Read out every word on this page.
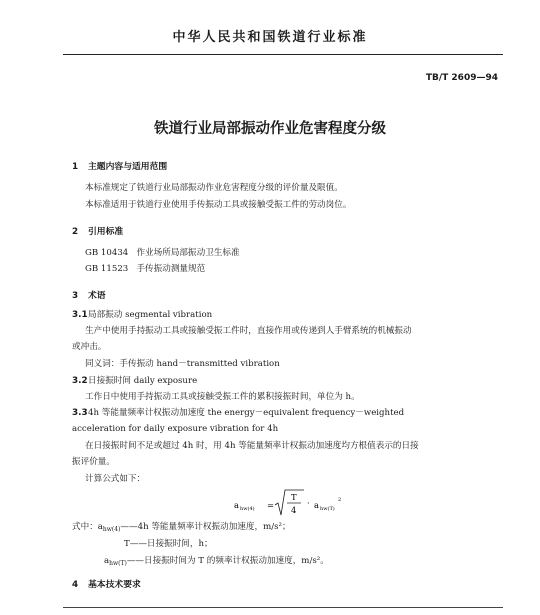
中华人民共和国铁道行业标准
TB/T 2609—94
铁道行业局部振动作业危害程度分级
1 主题内容与适用范围
本标准规定了铁道行业局部振动作业危害程度分级的评价量及限值。
本标准适用于铁道行业使用手传振动工具或接触受振工件的劳动岗位。
2 引用标准
GB 10434 作业场所局部振动卫生标准
GB 11523 手传振动测量规范
3 术语
3.1局部振动 segmental vibration
生产中使用手持振动工具或接触受振工件时，直接作用或传递到人手臂系统的机械振动
或冲击。
同义词：手传振动 hand－transmitted vibration
3.2日接振时间 daily exposure
工作日中使用手持振动工具或接触受振工件的累积接振时间，单位为 h。
3.34h 等能量频率计权振动加速度 the energy－equivalent frequency－weighted
acceleration for daily exposure vibration for 4h
在日接振时间不足或超过 4h 时，用 4h 等能量频率计权振动加速度均方根值表示的日接
振评价量。
计算公式如下：
a hw(4) =
T
4
· a hw(T)
2
式中：$a_{hw(4)}——4h$ 等能量频率计权振动加速度，m/s²；
T——日接振时间，h；
$a_{hw(T)}——$日接振时间为 T 的频率计权振动加速度，m/s²。
4 基本技术要求
